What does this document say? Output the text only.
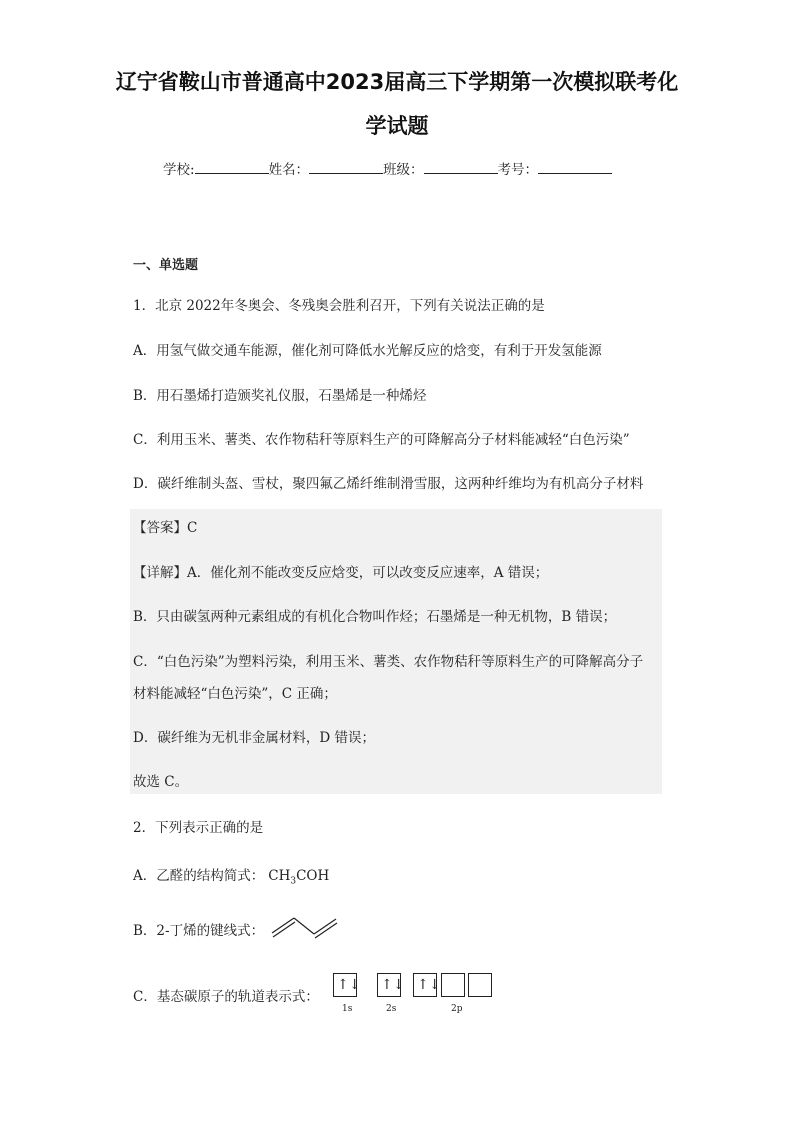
辽宁省鞍山市普通高中2023届高三下学期第一次模拟联考化
学试题
学校:	姓名：	班级：	考号：
一、单选题
1．北京 2022年冬奥会、冬残奥会胜利召开，下列有关说法正确的是
A．用氢气做交通车能源，催化剂可降低水光解反应的焓变，有利于开发氢能源
B．用石墨烯打造颁奖礼仪服，石墨烯是一种烯烃
C．利用玉米、薯类、农作物秸秆等原料生产的可降解高分子材料能减轻“白色污染”
D．碳纤维制头盔、雪杖，聚四氟乙烯纤维制滑雪服，这两种纤维均为有机高分子材料
【答案】C
【详解】A．催化剂不能改变反应焓变，可以改变反应速率，A 错误；
B．只由碳氢两种元素组成的有机化合物叫作烃；石墨烯是一种无机物，B 错误；
C．“白色污染”为塑料污染，利用玉米、薯类、农作物秸秆等原料生产的可降解高分子
材料能减轻“白色污染”，C 正确；
D．碳纤维为无机非金属材料，D 错误；
故选 C。
2．下列表示正确的是
A．乙醛的结构简式： $CH_3COH$
B．2-丁烯的键线式：
C．基态碳原子的轨道表示式：
↑↓ ↑↓ ↑↓
1s	2s	2p
